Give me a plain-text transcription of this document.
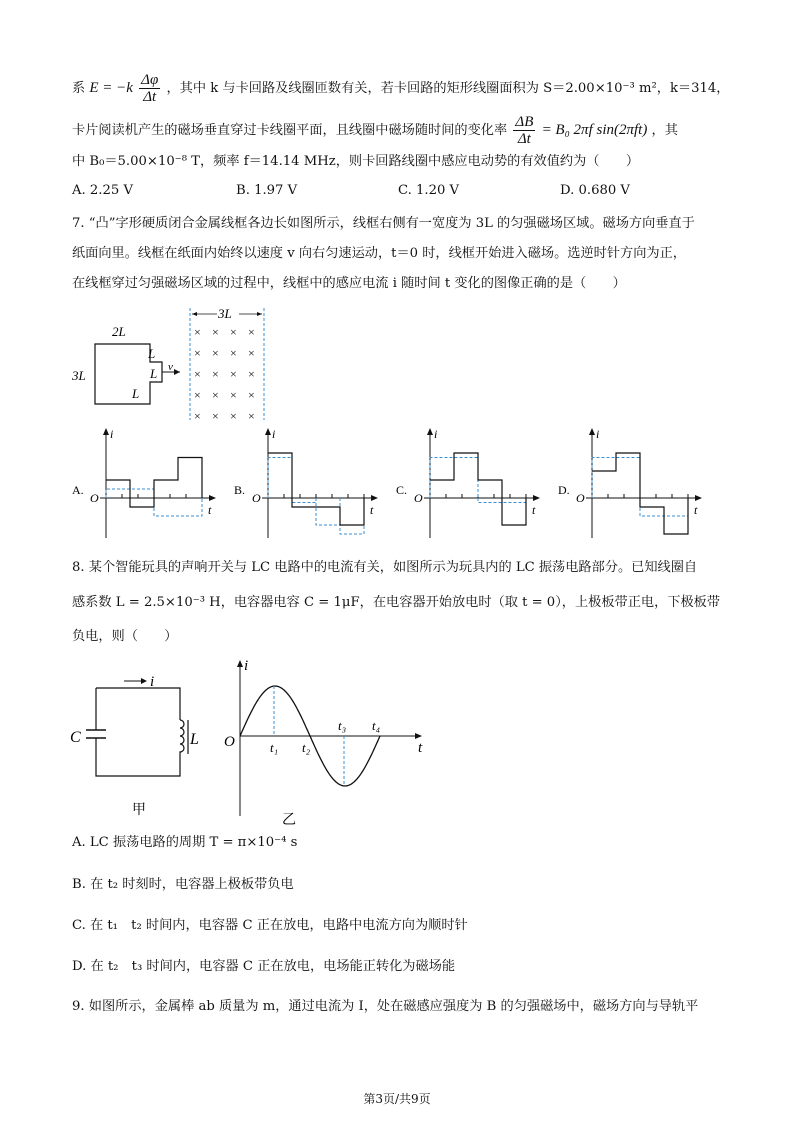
系 $E = -k \frac{\Delta\varphi}{\Delta t}$ ，其中 k 与卡回路及线圈匝数有关，若卡回路的矩形线圈面积为 S＝2.00×10⁻³ m²，k＝314，
卡片阅读机产生的磁场垂直穿过卡线圈平面，且线圈中磁场随时间的变化率 $\frac{\Delta B}{\Delta t} = B_0$ 2πf sin(2πft) ，其
中 B₀＝5.00×10⁻⁸ T，频率 f＝14.14 MHz，则卡回路线圈中感应电动势的有效值约为（　　）
A. 2.25 V	B. 1.97 V	C. 1.20 V	D. 0.680 V
7. “凸”字形硬质闭合金属线框各边长如图所示，线框右侧有一宽度为 3L 的匀强磁场区域。磁场方向垂直于
纸面向里。线框在纸面内始终以速度 v 向右匀速运动，t＝0 时，线框开始进入磁场。选逆时针方向为正，
在线框穿过匀强磁场区域的过程中，线框中的感应电流 i 随时间 t 变化的图像正确的是（　　）
2L
3L
L
L
L
v
3L
× × × ×
× × × ×
× × × ×
× × × ×
× × × ×
A.
i
t
O
B.
i
t
O
C.
i
t
O
D.
i
t
O
8. 某个智能玩具的声响开关与 LC 电路中的电流有关，如图所示为玩具内的 LC 振荡电路部分。已知线圈自
感系数 L = 2.5×10⁻³ H，电容器电容 C = 1μF，在电容器开始放电时（取 t = 0），上极板带正电，下极板带
负电，则（　　）
i
C	L
甲
i
t
O	t₁ t₂
t₃ t₄
乙
A. LC 振荡电路的周期 T = π×10⁻⁴ s
B. 在 t₂ 时刻时，电容器上极板带负电
C. 在 t₁　t₂ 时间内，电容器 C 正在放电，电路中电流方向为顺时针
D. 在 t₂　t₃ 时间内，电容器 C 正在放电，电场能正转化为磁场能
9. 如图所示，金属棒 ab 质量为 m，通过电流为 I，处在磁感应强度为 B 的匀强磁场中，磁场方向与导轨平
第3页/共9页
